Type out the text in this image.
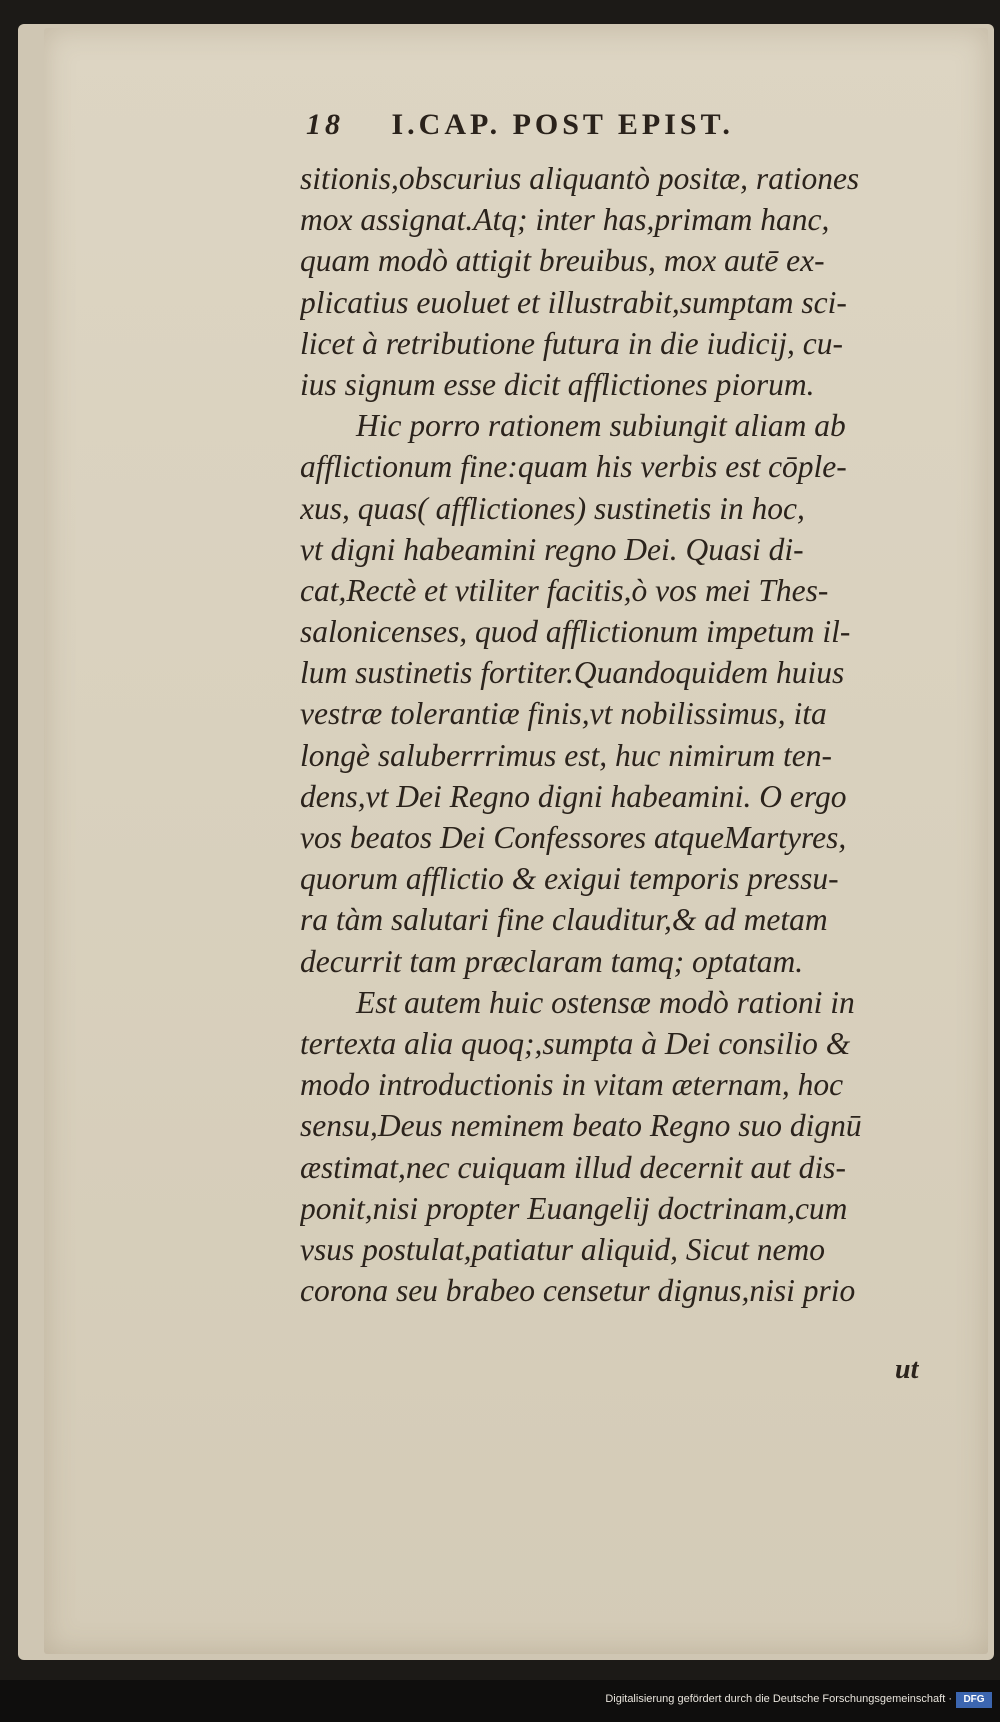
18 I.CAP. POST EPIST.
sitionis,obscurius aliquantò positæ, rationes
mox assignat.Atq; inter has,primam hanc,
quam modò attigit breuibus, mox autē ex-
plicatius euoluet et illustrabit,sumptam sci-
licet à retributione futura in die iudicij, cu-
ius signum esse dicit afflictiones piorum.
Hic porro rationem subiungit aliam ab
afflictionum fine:quam his verbis est cōple-
xus, quas( afflictiones) sustinetis in hoc,
vt digni habeamini regno Dei. Quasi di-
cat,Rectè et vtiliter facitis,ò vos mei Thes-
salonicenses, quod afflictionum impetum il-
lum sustinetis fortiter.Quandoquidem huius
vestræ tolerantiæ finis,vt nobilissimus, ita
longè saluberrrimus est, huc nimirum ten-
dens,vt Dei Regno digni habeamini. O ergo
vos beatos Dei Confessores atqueMartyres,
quorum afflictio & exigui temporis pressu-
ra tàm salutari fine clauditur,& ad metam
decurrit tam præclaram tamq; optatam.
Est autem huic ostensæ modò rationi in
tertexta alia quoq;,sumpta à Dei consilio &
modo introductionis in vitam æternam, hoc
sensu,Deus neminem beato Regno suo dignū
æstimat,nec cuiquam illud decernit aut dis-
ponit,nisi propter Euangelij doctrinam,cum
vsus postulat,patiatur aliquid, Sicut nemo
corona seu brabeo censetur dignus,nisi prio
ut
Digitalisierung gefördert durch die Deutsche Forschungsgemeinschaft ·	DFG
